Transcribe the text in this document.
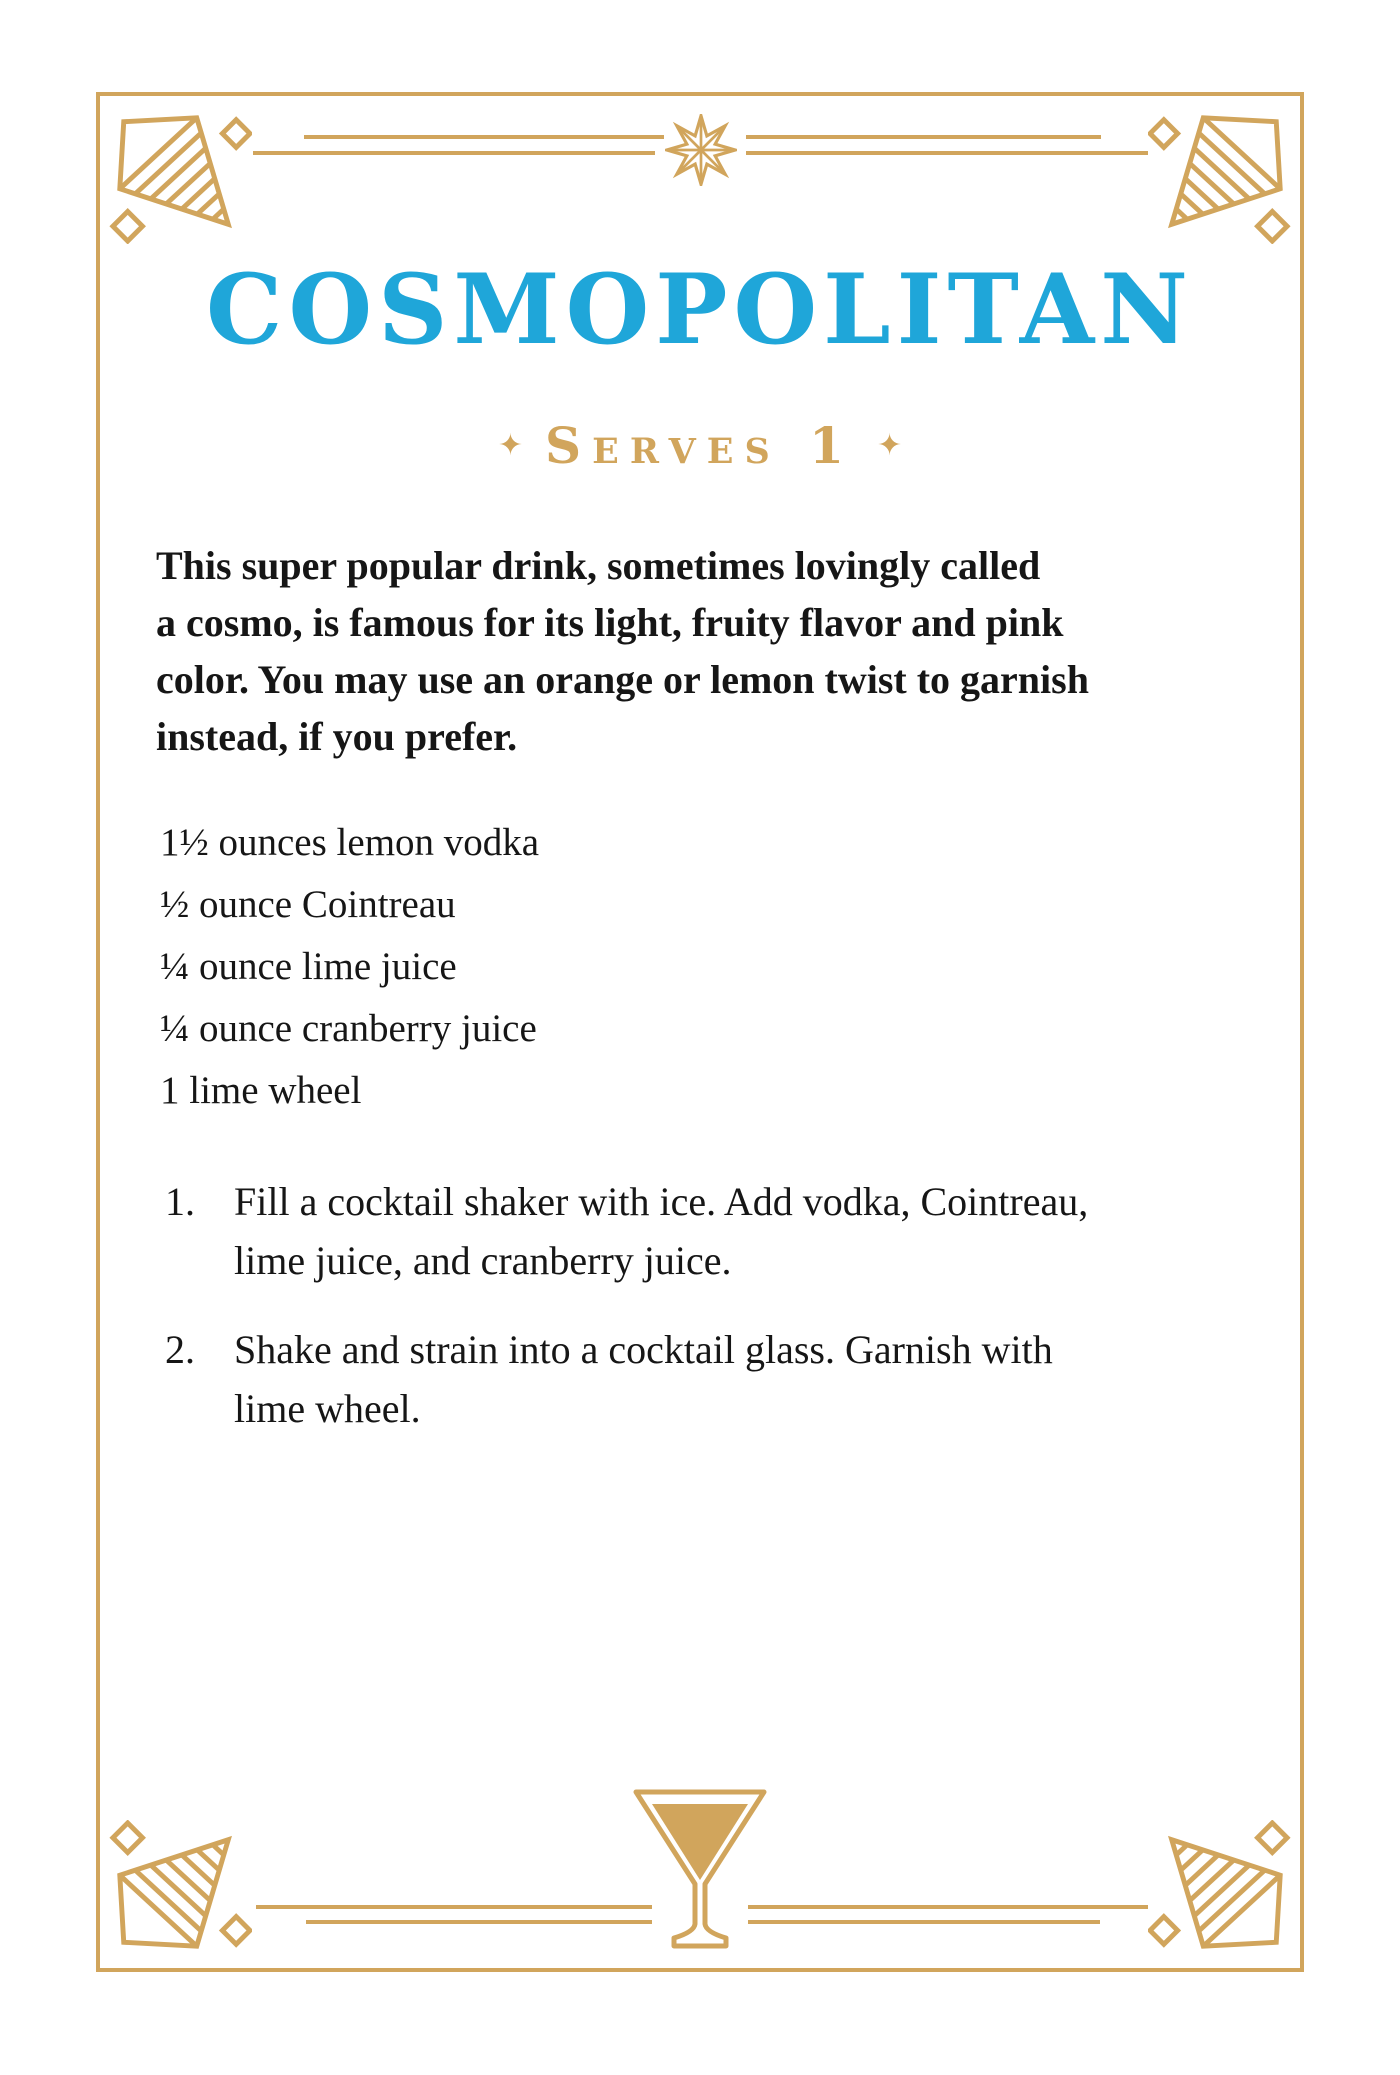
COSMOPOLITAN
✦ Serves 1 ✦
This super popular drink, sometimes lovingly called
a cosmo, is famous for its light, fruity flavor and pink
color. You may use an orange or lemon twist to garnish
instead, if you prefer.
1½ ounces lemon vodka
½ ounce Cointreau
¼ ounce lime juice
¼ ounce cranberry juice
1 lime wheel
1. Fill a cocktail shaker with ice. Add vodka, Cointreau,
lime juice, and cranberry juice.
2. Shake and strain into a cocktail glass. Garnish with
lime wheel.
